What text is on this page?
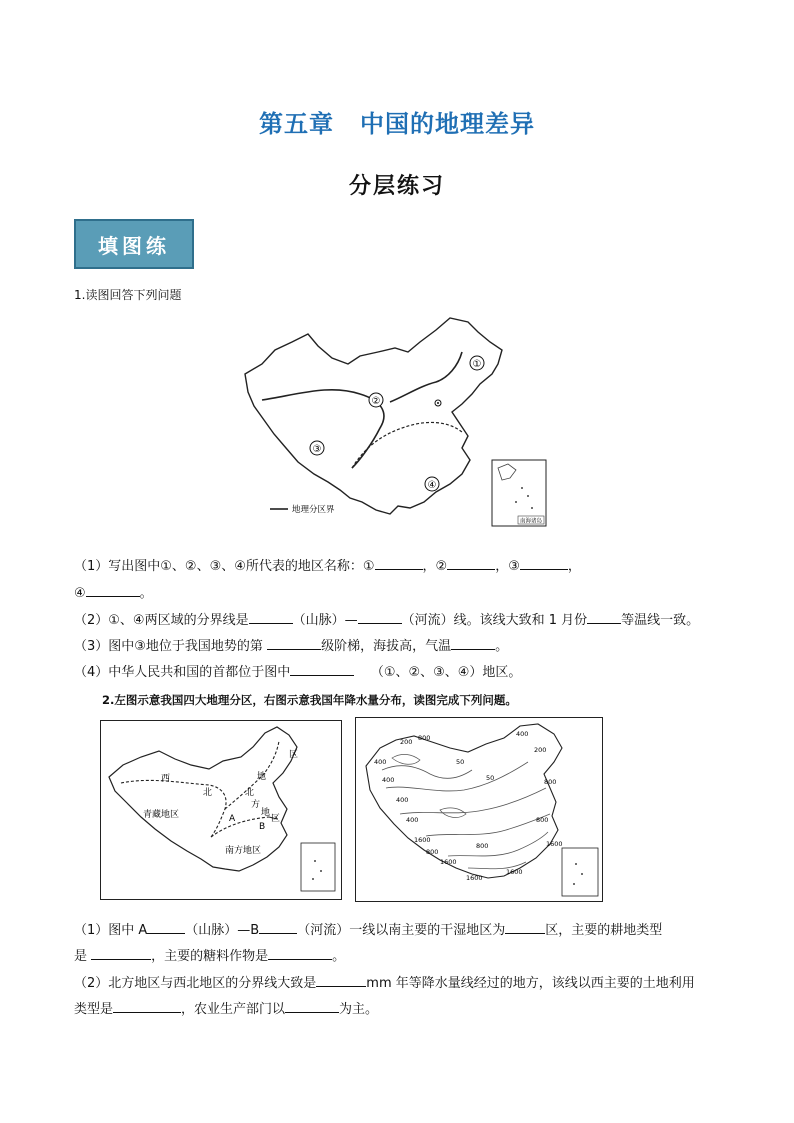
第五章 中国的地理差异
分层练习
填图练
1.读图回答下列问题
①
②
③
④
地理分区界
南海诸岛
（1）写出图中①、②、③、④所代表的地区名称：①	，②	，③	，
④	。
（2）①、④两区域的分界线是	（山脉）—	（河流）线。该线大致和 1 月份	等温线一致。
（3）图中③地位于我国地势的第	级阶梯，海拔高，气温	。
（4）中华人民共和国的首都位于图中	（①、②、③、④）地区。
2.左图示意我国四大地理分区，右图示意我国年降水量分布，读图完成下列问题。
西
北
地
区
北
方
地
区
青藏地区
南方地区
A
B
200
50
400
800	400
200
400	50	800
400
800
1600	1600
800
1600
1600
1600
400
800
（1）图中 A	（山脉）—B	（河流）一线以南主要的干湿地区为	区，主要的耕地类型
是	，主要的糖料作物是	。
（2）北方地区与西北地区的分界线大致是	mm 年等降水量线经过的地方，该线以西主要的土地利用
类型是	，农业生产部门以	为主。
